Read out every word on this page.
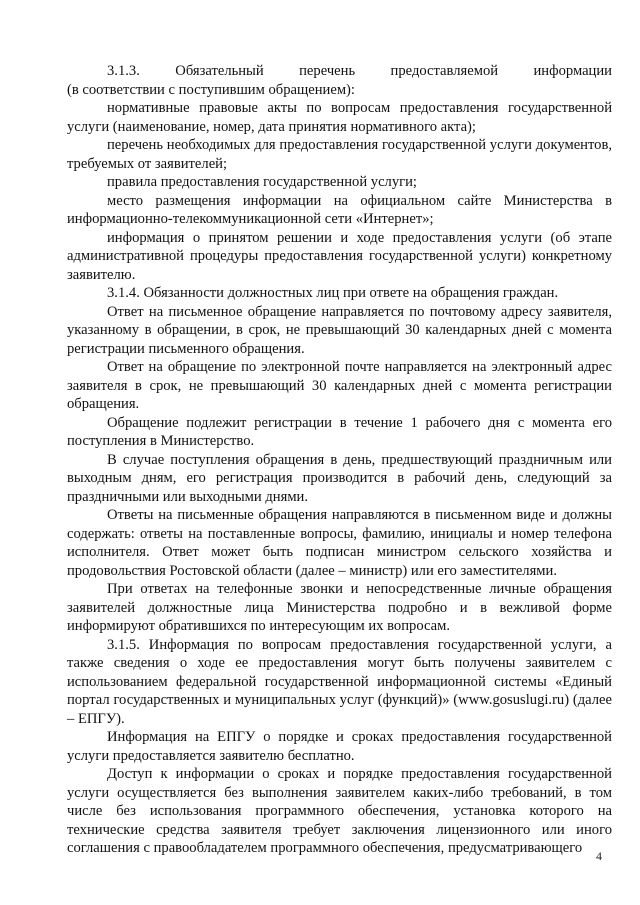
3.1.3. Обязательный перечень предоставляемой информации

(в соответствии с поступившим обращением):

нормативные правовые акты по вопросам предоставления государственной услуги (наименование, номер, дата принятия нормативного акта);

перечень необходимых для предоставления государственной услуги документов, требуемых от заявителей;

правила предоставления государственной услуги;

место размещения информации на официальном сайте Министерства в информационно-телекоммуникационной сети «Интернет»;

информация о принятом решении и ходе предоставления услуги (об этапе административной процедуры предоставления государственной услуги) конкретному заявителю.

3.1.4. Обязанности должностных лиц при ответе на обращения граждан.

Ответ на письменное обращение направляется по почтовому адресу заявителя, указанному в обращении, в срок, не превышающий 30 календарных дней с момента регистрации письменного обращения.

Ответ на обращение по электронной почте направляется на электронный адрес заявителя в срок, не превышающий 30 календарных дней с момента регистрации обращения.

Обращение подлежит регистрации в течение 1 рабочего дня с момента его поступления в Министерство.

В случае поступления обращения в день, предшествующий праздничным или выходным дням, его регистрация производится в рабочий день, следующий за праздничными или выходными днями.

Ответы на письменные обращения направляются в письменном виде и должны содержать: ответы на поставленные вопросы, фамилию, инициалы и номер телефона исполнителя. Ответ может быть подписан министром сельского хозяйства и продовольствия Ростовской области (далее – министр) или его заместителями.

При ответах на телефонные звонки и непосредственные личные обращения заявителей должностные лица Министерства подробно и в вежливой форме информируют обратившихся по интересующим их вопросам.

3.1.5. Информация по вопросам предоставления государственной услуги, а также сведения о ходе ее предоставления могут быть получены заявителем с использованием федеральной государственной информационной системы «Единый портал государственных и муниципальных услуг (функций)» (www.gosuslugi.ru) (далее – ЕПГУ).

Информация на ЕПГУ о порядке и сроках предоставления государственной услуги предоставляется заявителю бесплатно.

Доступ к информации о сроках и порядке предоставления государственной услуги осуществляется без выполнения заявителем каких-либо требований, в том числе без использования программного обеспечения, установка которого на технические средства заявителя требует заключения лицензионного или иного соглашения с правообладателем программного обеспечения, предусматривающего	4
